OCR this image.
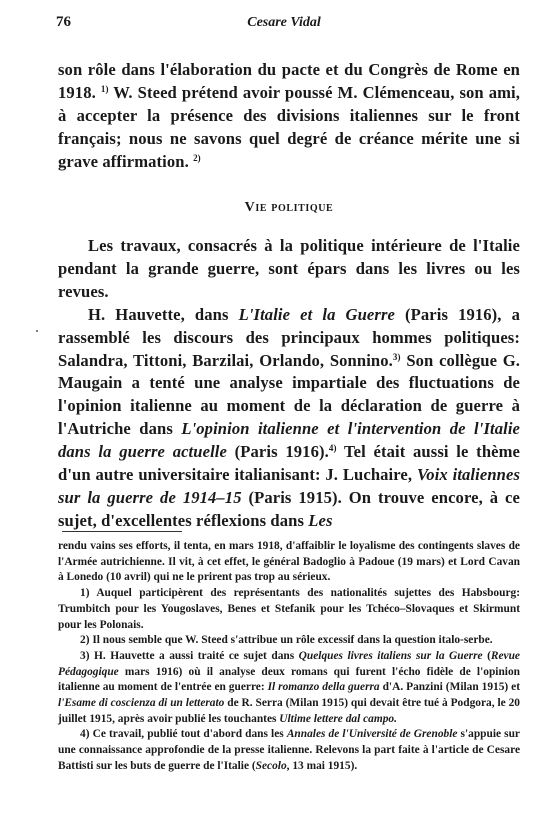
76	Cesare Vidal

son rôle dans l'élaboration du pacte et du Congrès de Rome en 1918. $^{1)}$ W. Steed prétend avoir poussé M. Clémenceau, son ami, à accepter la présence des divisions italiennes sur le front français; nous ne savons quel degré de créance mérite une si grave affirmation. $^{2)}$

Vie politique

Les travaux, consacrés à la politique intérieure de l'Italie pendant la grande guerre, sont épars dans les livres ou les revues.

H. Hauvette, dans L'Italie et la Guerre (Paris 1916), a rassemblé les discours des principaux hommes politiques: Salandra, Tittoni, Barzilai, Orlando, Sonnino.$^{3)}$ Son collègue G. Maugain a tenté une analyse impartiale des fluctuations de l'opinion italienne au moment de la déclaration de guerre à l'Autriche dans L'opinion italienne et l'intervention de l'Italie dans la guerre actuelle (Paris 1916).$^{4)}$ Tel était aussi le thème d'un autre universitaire italianisant: J. Luchaire, Voix italiennes sur la guerre de 1914–15 (Paris 1915). On trouve encore, à ce sujet, d'excellentes réflexions dans Les

rendu vains ses efforts, il tenta, en mars 1918, d'affaiblir le loyalisme des contingents slaves de l'Armée autrichienne. Il vit, à cet effet, le général Badoglio à Padoue (19 mars) et Lord Cavan à Lonedo (10 avril) qui ne le prirent pas trop au sérieux.

1) Auquel participèrent des représentants des nationalités sujettes des Habsbourg: Trumbitch pour les Yougoslaves, Benes et Stefanik pour les Tchéco–Slovaques et Skirmunt pour les Polonais.

2) Il nous semble que W. Steed s'attribue un rôle excessif dans la question italo-serbe.

3) H. Hauvette a aussi traité ce sujet dans Quelques livres italiens sur la Guerre (Revue Pédagogique mars 1916) où il analyse deux romans qui furent l'écho fidèle de l'opinion italienne au moment de l'entrée en guerre: Il romanzo della guerra d'A. Panzini (Milan 1915) et l'Esame di coscienza di un letterato de R. Serra (Milan 1915) qui devait être tué à Podgora, le 20 juillet 1915, après avoir publié les touchantes Ultime lettere dal campo.

4) Ce travail, publié tout d'abord dans les Annales de l'Université de Grenoble s'appuie sur une connaissance approfondie de la presse italienne. Relevons la part faite à l'article de Cesare Battisti sur les buts de guerre de l'Italie (Secolo, 13 mai 1915).
